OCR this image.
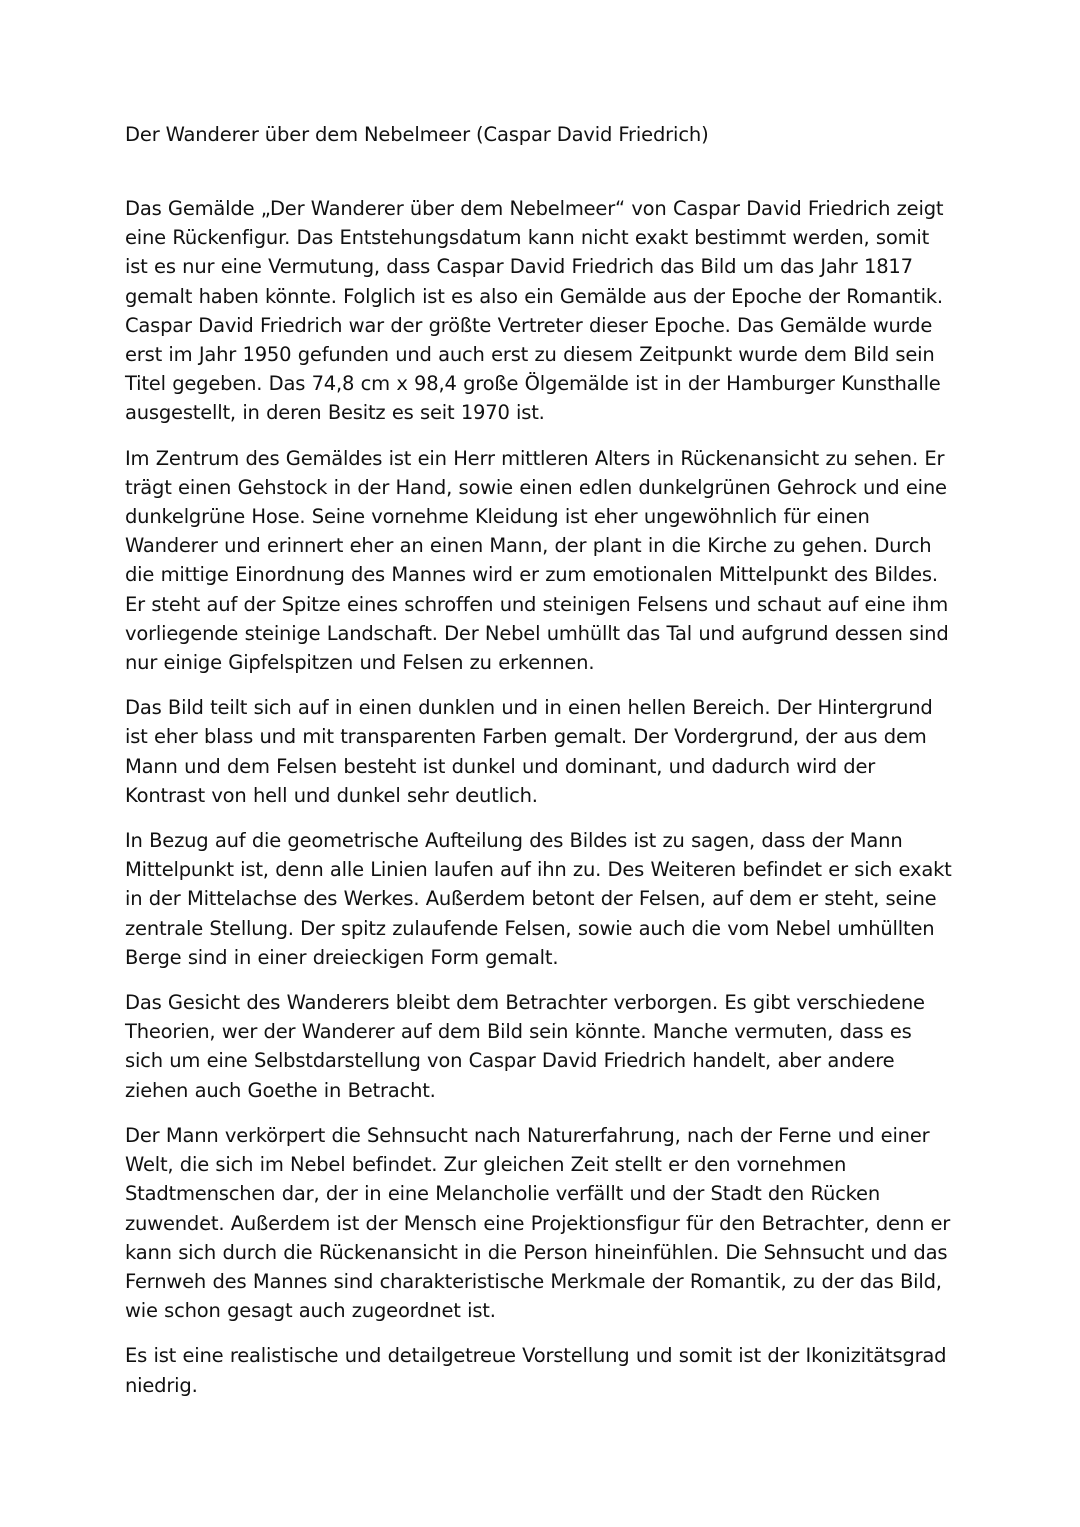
Der Wanderer über dem Nebelmeer (Caspar David Friedrich)

Das Gemälde „Der Wanderer über dem Nebelmeer“ von Caspar David Friedrich zeigt eine Rückenfigur. Das Entstehungsdatum kann nicht exakt bestimmt werden, somit ist es nur eine Vermutung, dass Caspar David Friedrich das Bild um das Jahr 1817 gemalt haben könnte. Folglich ist es also ein Gemälde aus der Epoche der Romantik. Caspar David Friedrich war der größte Vertreter dieser Epoche. Das Gemälde wurde erst im Jahr 1950 gefunden und auch erst zu diesem Zeitpunkt wurde dem Bild sein Titel gegeben. Das 74,8 cm x 98,4 große Ölgemälde ist in der Hamburger Kunsthalle ausgestellt, in deren Besitz es seit 1970 ist.

Im Zentrum des Gemäldes ist ein Herr mittleren Alters in Rückenansicht zu sehen. Er trägt einen Gehstock in der Hand, sowie einen edlen dunkelgrünen Gehrock und eine dunkelgrüne Hose. Seine vornehme Kleidung ist eher ungewöhnlich für einen Wanderer und erinnert eher an einen Mann, der plant in die Kirche zu gehen. Durch die mittige Einordnung des Mannes wird er zum emotionalen Mittelpunkt des Bildes. Er steht auf der Spitze eines schroffen und steinigen Felsens und schaut auf eine ihm vorliegende steinige Landschaft. Der Nebel umhüllt das Tal und aufgrund dessen sind nur einige Gipfelspitzen und Felsen zu erkennen.

Das Bild teilt sich auf in einen dunklen und in einen hellen Bereich. Der Hintergrund ist eher blass und mit transparenten Farben gemalt. Der Vordergrund, der aus dem Mann und dem Felsen besteht ist dunkel und dominant, und dadurch wird der Kontrast von hell und dunkel sehr deutlich.

In Bezug auf die geometrische Aufteilung des Bildes ist zu sagen, dass der Mann Mittelpunkt ist, denn alle Linien laufen auf ihn zu. Des Weiteren befindet er sich exakt in der Mittelachse des Werkes. Außerdem betont der Felsen, auf dem er steht, seine zentrale Stellung. Der spitz zulaufende Felsen, sowie auch die vom Nebel umhüllten Berge sind in einer dreieckigen Form gemalt.

Das Gesicht des Wanderers bleibt dem Betrachter verborgen. Es gibt verschiedene Theorien, wer der Wanderer auf dem Bild sein könnte. Manche vermuten, dass es sich um eine Selbstdarstellung von Caspar David Friedrich handelt, aber andere ziehen auch Goethe in Betracht.

Der Mann verkörpert die Sehnsucht nach Naturerfahrung, nach der Ferne und einer Welt, die sich im Nebel befindet. Zur gleichen Zeit stellt er den vornehmen Stadtmenschen dar, der in eine Melancholie verfällt und der Stadt den Rücken zuwendet. Außerdem ist der Mensch eine Projektionsfigur für den Betrachter, denn er kann sich durch die Rückenansicht in die Person hineinfühlen. Die Sehnsucht und das Fernweh des Mannes sind charakteristische Merkmale der Romantik, zu der das Bild, wie schon gesagt auch zugeordnet ist.

Es ist eine realistische und detailgetreue Vorstellung und somit ist der Ikonizitätsgrad niedrig.
